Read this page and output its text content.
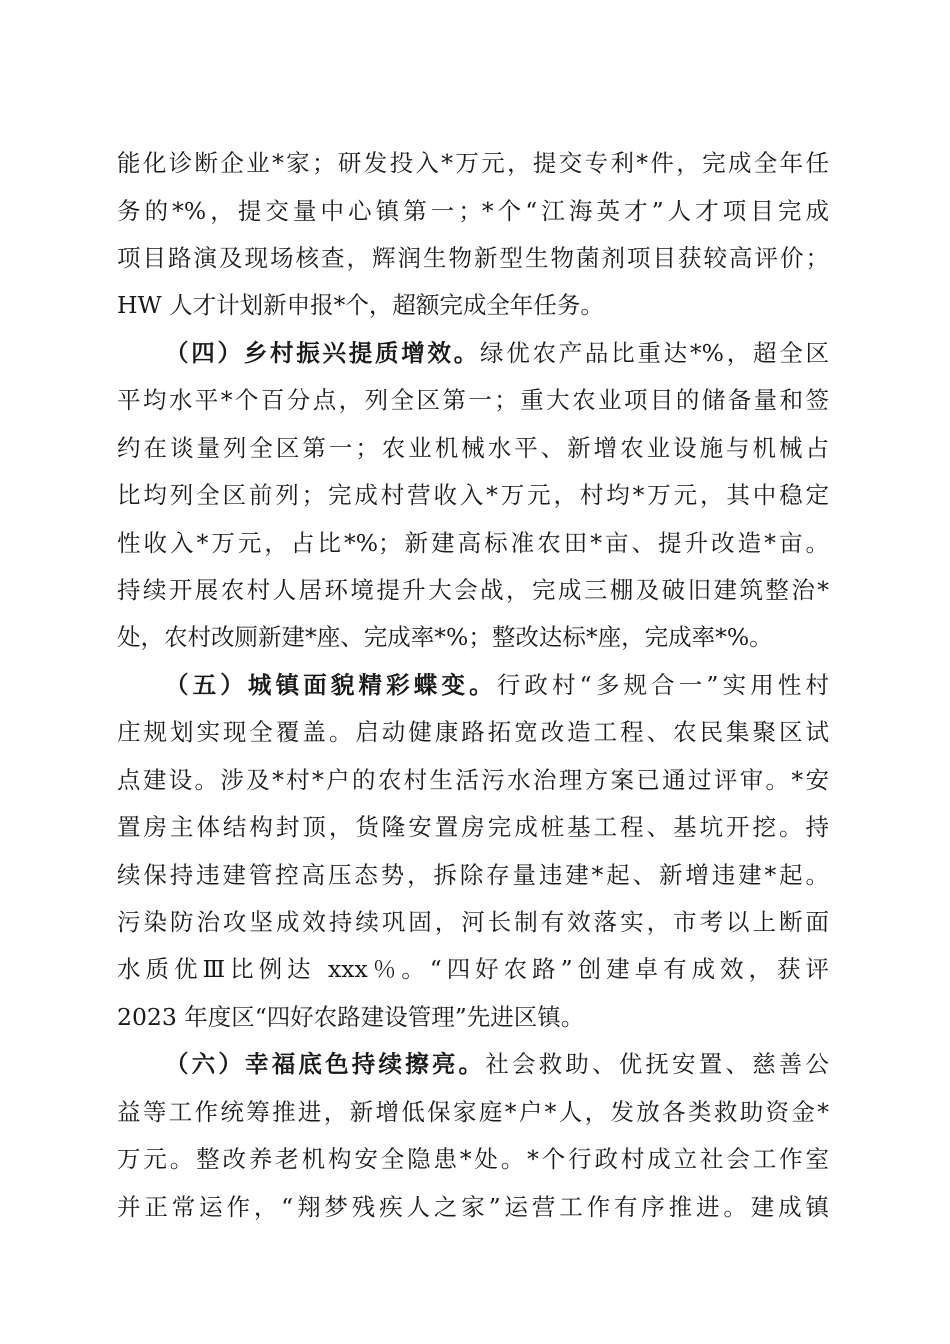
能化诊断企业*家；研发投入*万元，提交专利*件，完成全年任
务的*%，提交量中心镇第一；*个“江海英才”人才项目完成
项目路演及现场核查，辉润生物新型生物菌剂项目获较高评价；
HW 人才计划新申报*个，超额完成全年任务。
（四）乡村振兴提质增效。绿优农产品比重达*%，超全区
平均水平*个百分点，列全区第一；重大农业项目的储备量和签
约在谈量列全区第一；农业机械水平、新增农业设施与机械占
比均列全区前列；完成村营收入*万元，村均*万元，其中稳定
性收入*万元，占比*%；新建高标准农田*亩、提升改造*亩。
持续开展农村人居环境提升大会战，完成三棚及破旧建筑整治*
处，农村改厕新建*座、完成率*%；整改达标*座，完成率*%。
（五）城镇面貌精彩蝶变。行政村“多规合一”实用性村
庄规划实现全覆盖。启动健康路拓宽改造工程、农民集聚区试
点建设。涉及*村*户的农村生活污水治理方案已通过评审。*安
置房主体结构封顶，货隆安置房完成桩基工程、基坑开挖。持
续保持违建管控高压态势，拆除存量违建*起、新增违建*起。
污染防治攻坚成效持续巩固，河长制有效落实，市考以上断面
水质优Ⅲ比例达 xxx％。“四好农路”创建卓有成效，获评
2023 年度区“四好农路建设管理”先进区镇。
（六）幸福底色持续擦亮。社会救助、优抚安置、慈善公
益等工作统筹推进，新增低保家庭*户*人，发放各类救助资金*
万元。整改养老机构安全隐患*处。*个行政村成立社会工作室
并正常运作，“翔梦残疾人之家”运营工作有序推进。建成镇
